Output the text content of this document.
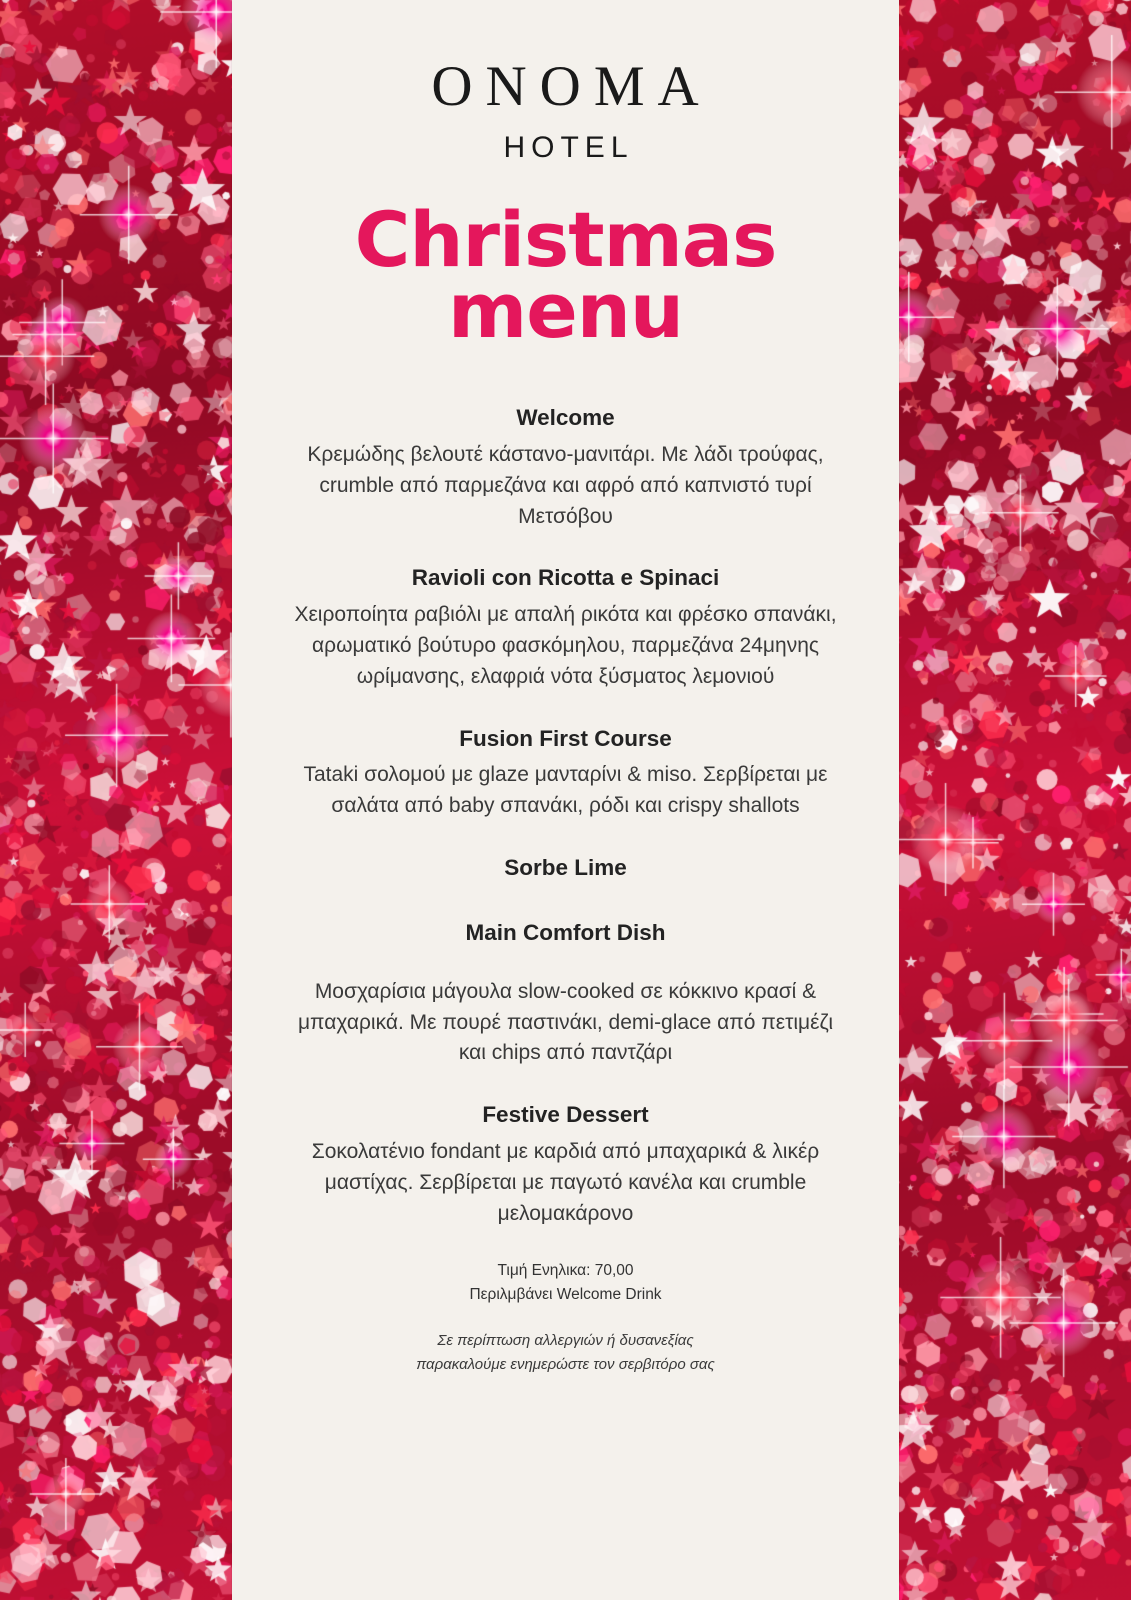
ONOMA
HOTEL
Christmas
menu
Welcome
Κρεμώδης βελουτέ κάστανο-μανιτάρι. Με λάδι τρούφας, crumble από παρμεζάνα και αφρό από καπνιστό τυρί Μετσόβου
Ravioli con Ricotta e Spinaci
Χειροποίητα ραβιόλι με απαλή ρικότα και φρέσκο σπανάκι, αρωματικό βούτυρο φασκόμηλου, παρμεζάνα 24μηνης ωρίμανσης, ελαφριά νότα ξύσματος λεμονιού
Fusion First Course
Tataki σολομού με glaze μανταρίνι & miso. Σερβίρεται με σαλάτα από baby σπανάκι, ρόδι και crispy shallots
Sorbe Lime
Main Comfort Dish
Μοσχαρίσια μάγουλα slow-cooked σε κόκκινο κρασί & μπαχαρικά. Με πουρέ παστινάκι, demi-glace από πετιμέζι και chips από παντζάρι
Festive Dessert
Σοκολατένιο fondant με καρδιά από μπαχαρικά & λικέρ μαστίχας. Σερβίρεται με παγωτό κανέλα και crumble μελομακάρονο
Τιμή Ενηλικα: 70,00
Περιλμβάνει Welcome Drink
Σε περίπτωση αλλεργιών ή δυσανεξίας
παρακαλούμε ενημερώστε τον σερβιτόρο σας
